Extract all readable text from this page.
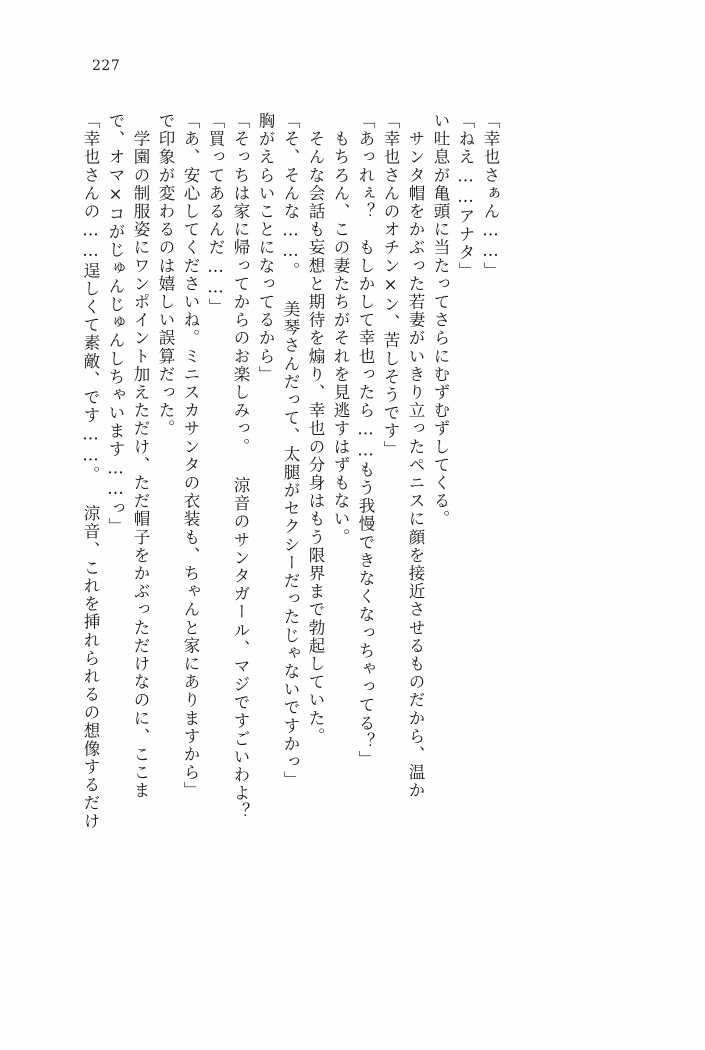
227
「幸也さんの……逞しくて素敵、です……。 涼音、これを挿れられるの想像するだけ で、オマ×コがじゅんじゅんしちゃいます……っ」 　学園の制服姿にワンポイント加えただけ、ただ帽子をかぶっただけなのに、ここま で印象が変わるのは嬉しい誤算だった。 「あ、安心してくださいね。ミニスカサンタの衣装も、ちゃんと家にありますから」 「買ってあるんだ……」 「そっちは家に帰ってからのお楽しみっ。 涼音のサンタガール、マジですごいわよ？ 胸がえらいことになってるから」 「そ、そんな……。 美琴さんだって、太腿がセクシーだったじゃないですかっ」 　そんな会話も妄想と期待を煽り、幸也の分身はもう限界まで勃起していた。 　もちろん、この妻たちがそれを見逃すはずもない。 「あっれぇ？　もしかして幸也ったら……もう我慢できなくなっちゃってる？」 「幸也さんのオチン×ン、苦しそうです」 　サンタ帽をかぶった若妻がいきり立ったペニスに顔を接近させるものだから、温か い吐息が亀頭に当たってさらにむずむずしてくる。 「ねえ……アナタ」 「幸也さぁん……」
